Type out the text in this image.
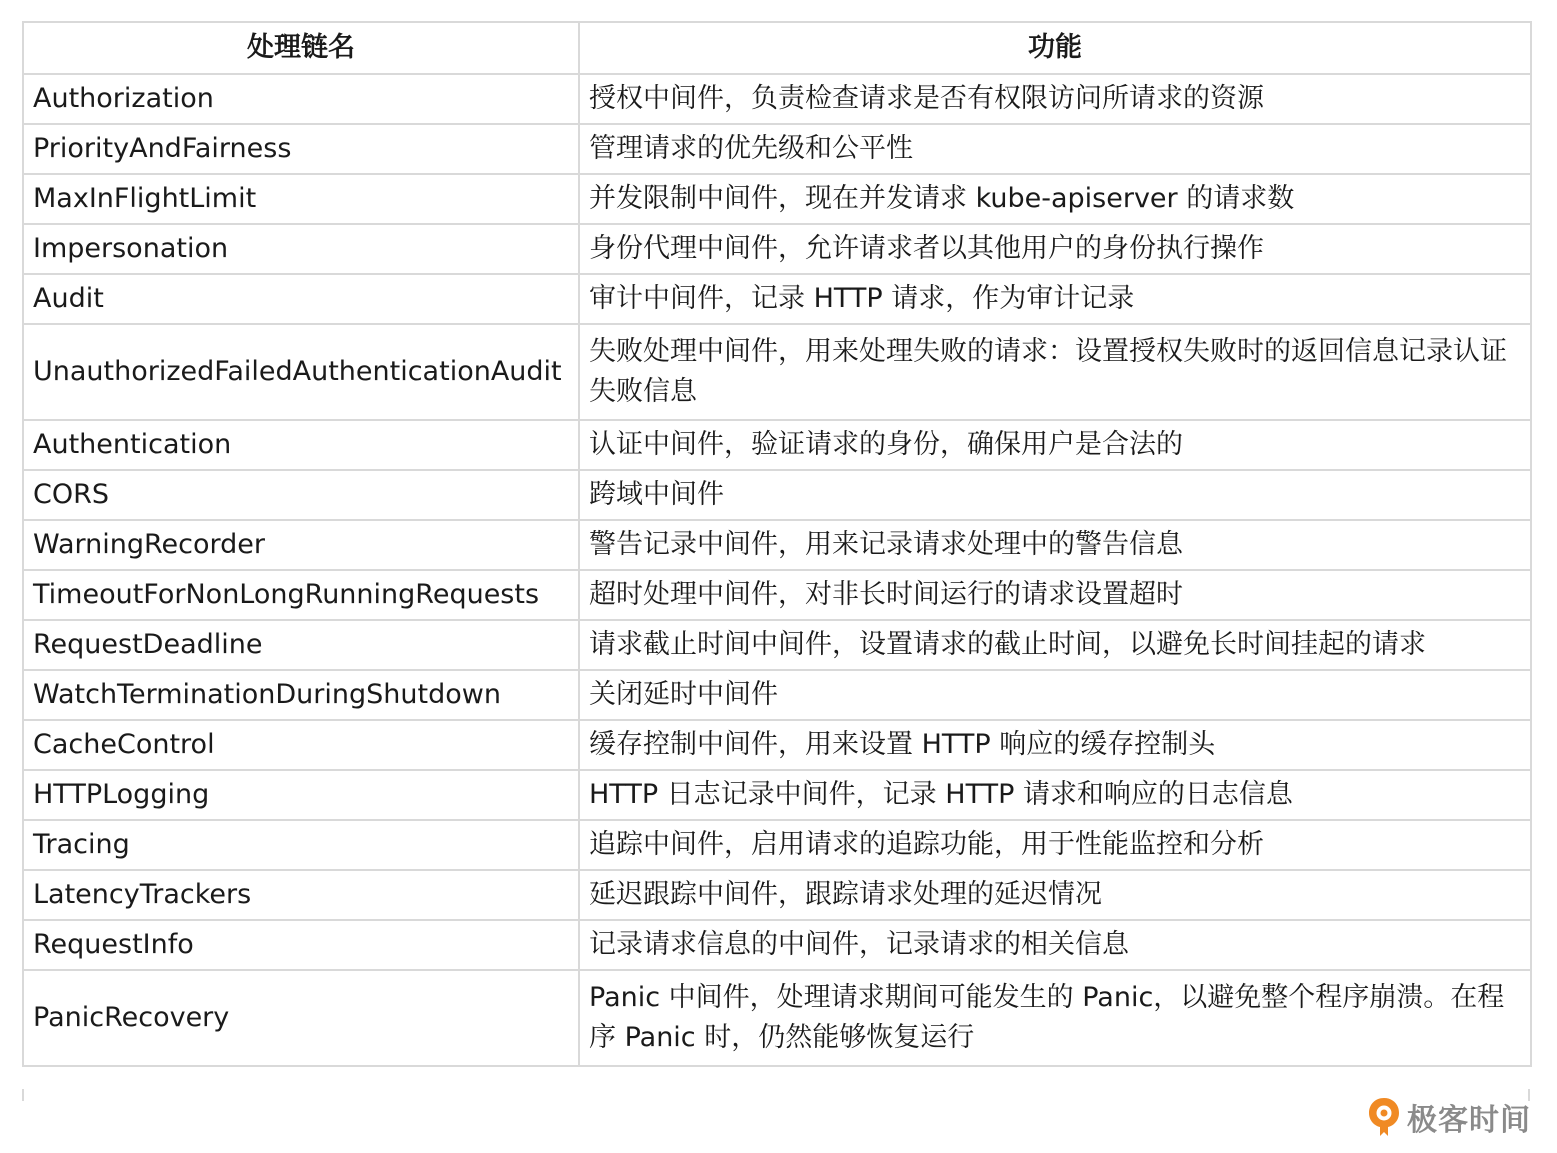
处理链名	功能
Authorization	授权中间件，负责检查请求是否有权限访问所请求的资源
PriorityAndFairness	管理请求的优先级和公平性
MaxInFlightLimit	并发限制中间件，现在并发请求 kube-apiserver 的请求数
Impersonation	身份代理中间件，允许请求者以其他用户的身份执行操作
Audit	审计中间件，记录 HTTP 请求，作为审计记录
UnauthorizedFailedAuthenticationAudit	失败处理中间件，用来处理失败的请求：设置授权失败时的返回信息记录认证失败信息
Authentication	认证中间件，验证请求的身份，确保用户是合法的
CORS	跨域中间件
WarningRecorder	警告记录中间件，用来记录请求处理中的警告信息
TimeoutForNonLongRunningRequests	超时处理中间件，对非长时间运行的请求设置超时
RequestDeadline	请求截止时间中间件，设置请求的截止时间，以避免长时间挂起的请求
WatchTerminationDuringShutdown	关闭延时中间件
CacheControl	缓存控制中间件，用来设置 HTTP 响应的缓存控制头
HTTPLogging	HTTP 日志记录中间件，记录 HTTP 请求和响应的日志信息
Tracing	追踪中间件，启用请求的追踪功能，用于性能监控和分析
LatencyTrackers	延迟跟踪中间件，跟踪请求处理的延迟情况
RequestInfo	记录请求信息的中间件，记录请求的相关信息
PanicRecovery	Panic 中间件，处理请求期间可能发生的 Panic，以避免整个程序崩溃。在程序 Panic 时，仍然能够恢复运行
极客时间
